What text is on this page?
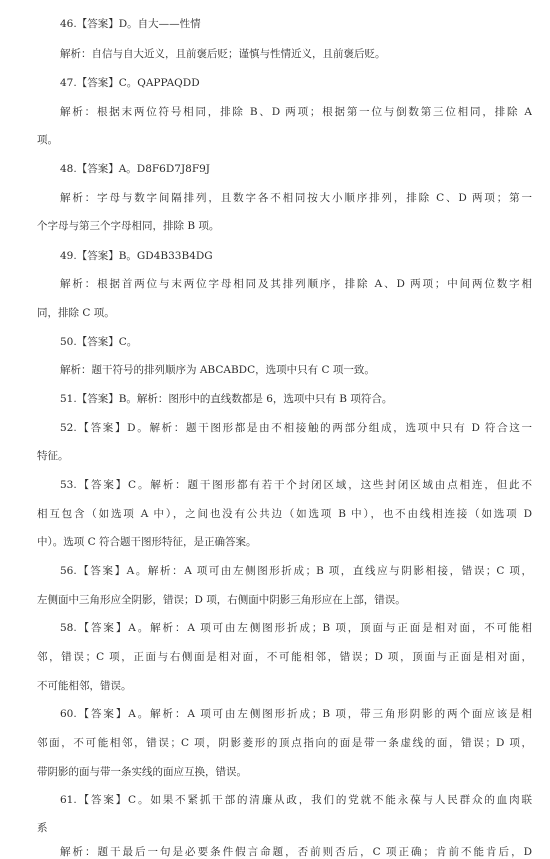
46.【答案】D。自大——性情
解析：自信与自大近义，且前褒后贬；谨慎与性情近义，且前褒后贬。
47.【答案】C。QAPPAQDD
解析：根据末两位符号相同，排除 B、D 两项；根据第一位与倒数第三位相同，排除 A
项。
48.【答案】A。D8F6D7J8F9J
解析：字母与数字间隔排列，且数字各不相同按大小顺序排列，排除 C、D 两项；第一
个字母与第三个字母相同，排除 B 项。
49.【答案】B。GD4B33B4DG
解析：根据首两位与末两位字母相同及其排列顺序，排除 A、D 两项；中间两位数字相
同，排除 C 项。
50.【答案】C。
解析：题干符号的排列顺序为 ABCABDC，选项中只有 C 项一致。
51.【答案】B。解析：图形中的直线数都是 6，选项中只有 B 项符合。
52.【答案】D。解析：题干图形都是由不相接触的两部分组成，选项中只有 D 符合这一
特征。
53.【答案】C。解析：题干图形都有若干个封闭区域，这些封闭区域由点相连，但此不
相互包含（如选项 A 中），之间也没有公共边（如选项 B 中），也不由线相连接（如选项 D
中）。选项 C 符合题干图形特征，是正确答案。
56.【答案】A。解析：A 项可由左侧图形折成；B 项，直线应与阴影相接，错误；C 项，
左侧面中三角形应全阴影，错误；D 项，右侧面中阴影三角形应在上部，错误。
58.【答案】A。解析：A 项可由左侧图形折成；B 项，顶面与正面是相对面，不可能相
邻，错误；C 项，正面与右侧面是相对面，不可能相邻，错误；D 项，顶面与正面是相对面，
不可能相邻，错误。
60.【答案】A。解析：A 项可由左侧图形折成；B 项，带三角形阴影的两个面应该是相
邻面，不可能相邻，错误；C 项，阴影菱形的顶点指向的面是带一条虚线的面，错误；D 项，
带阴影的面与带一条实线的面应互换，错误。
61.【答案】C。如果不紧抓干部的清廉从政，我们的党就不能永葆与人民群众的血肉联
系
解析：题干最后一句是必要条件假言命题，否前则否后，C 项正确；肯前不能肯后，D
